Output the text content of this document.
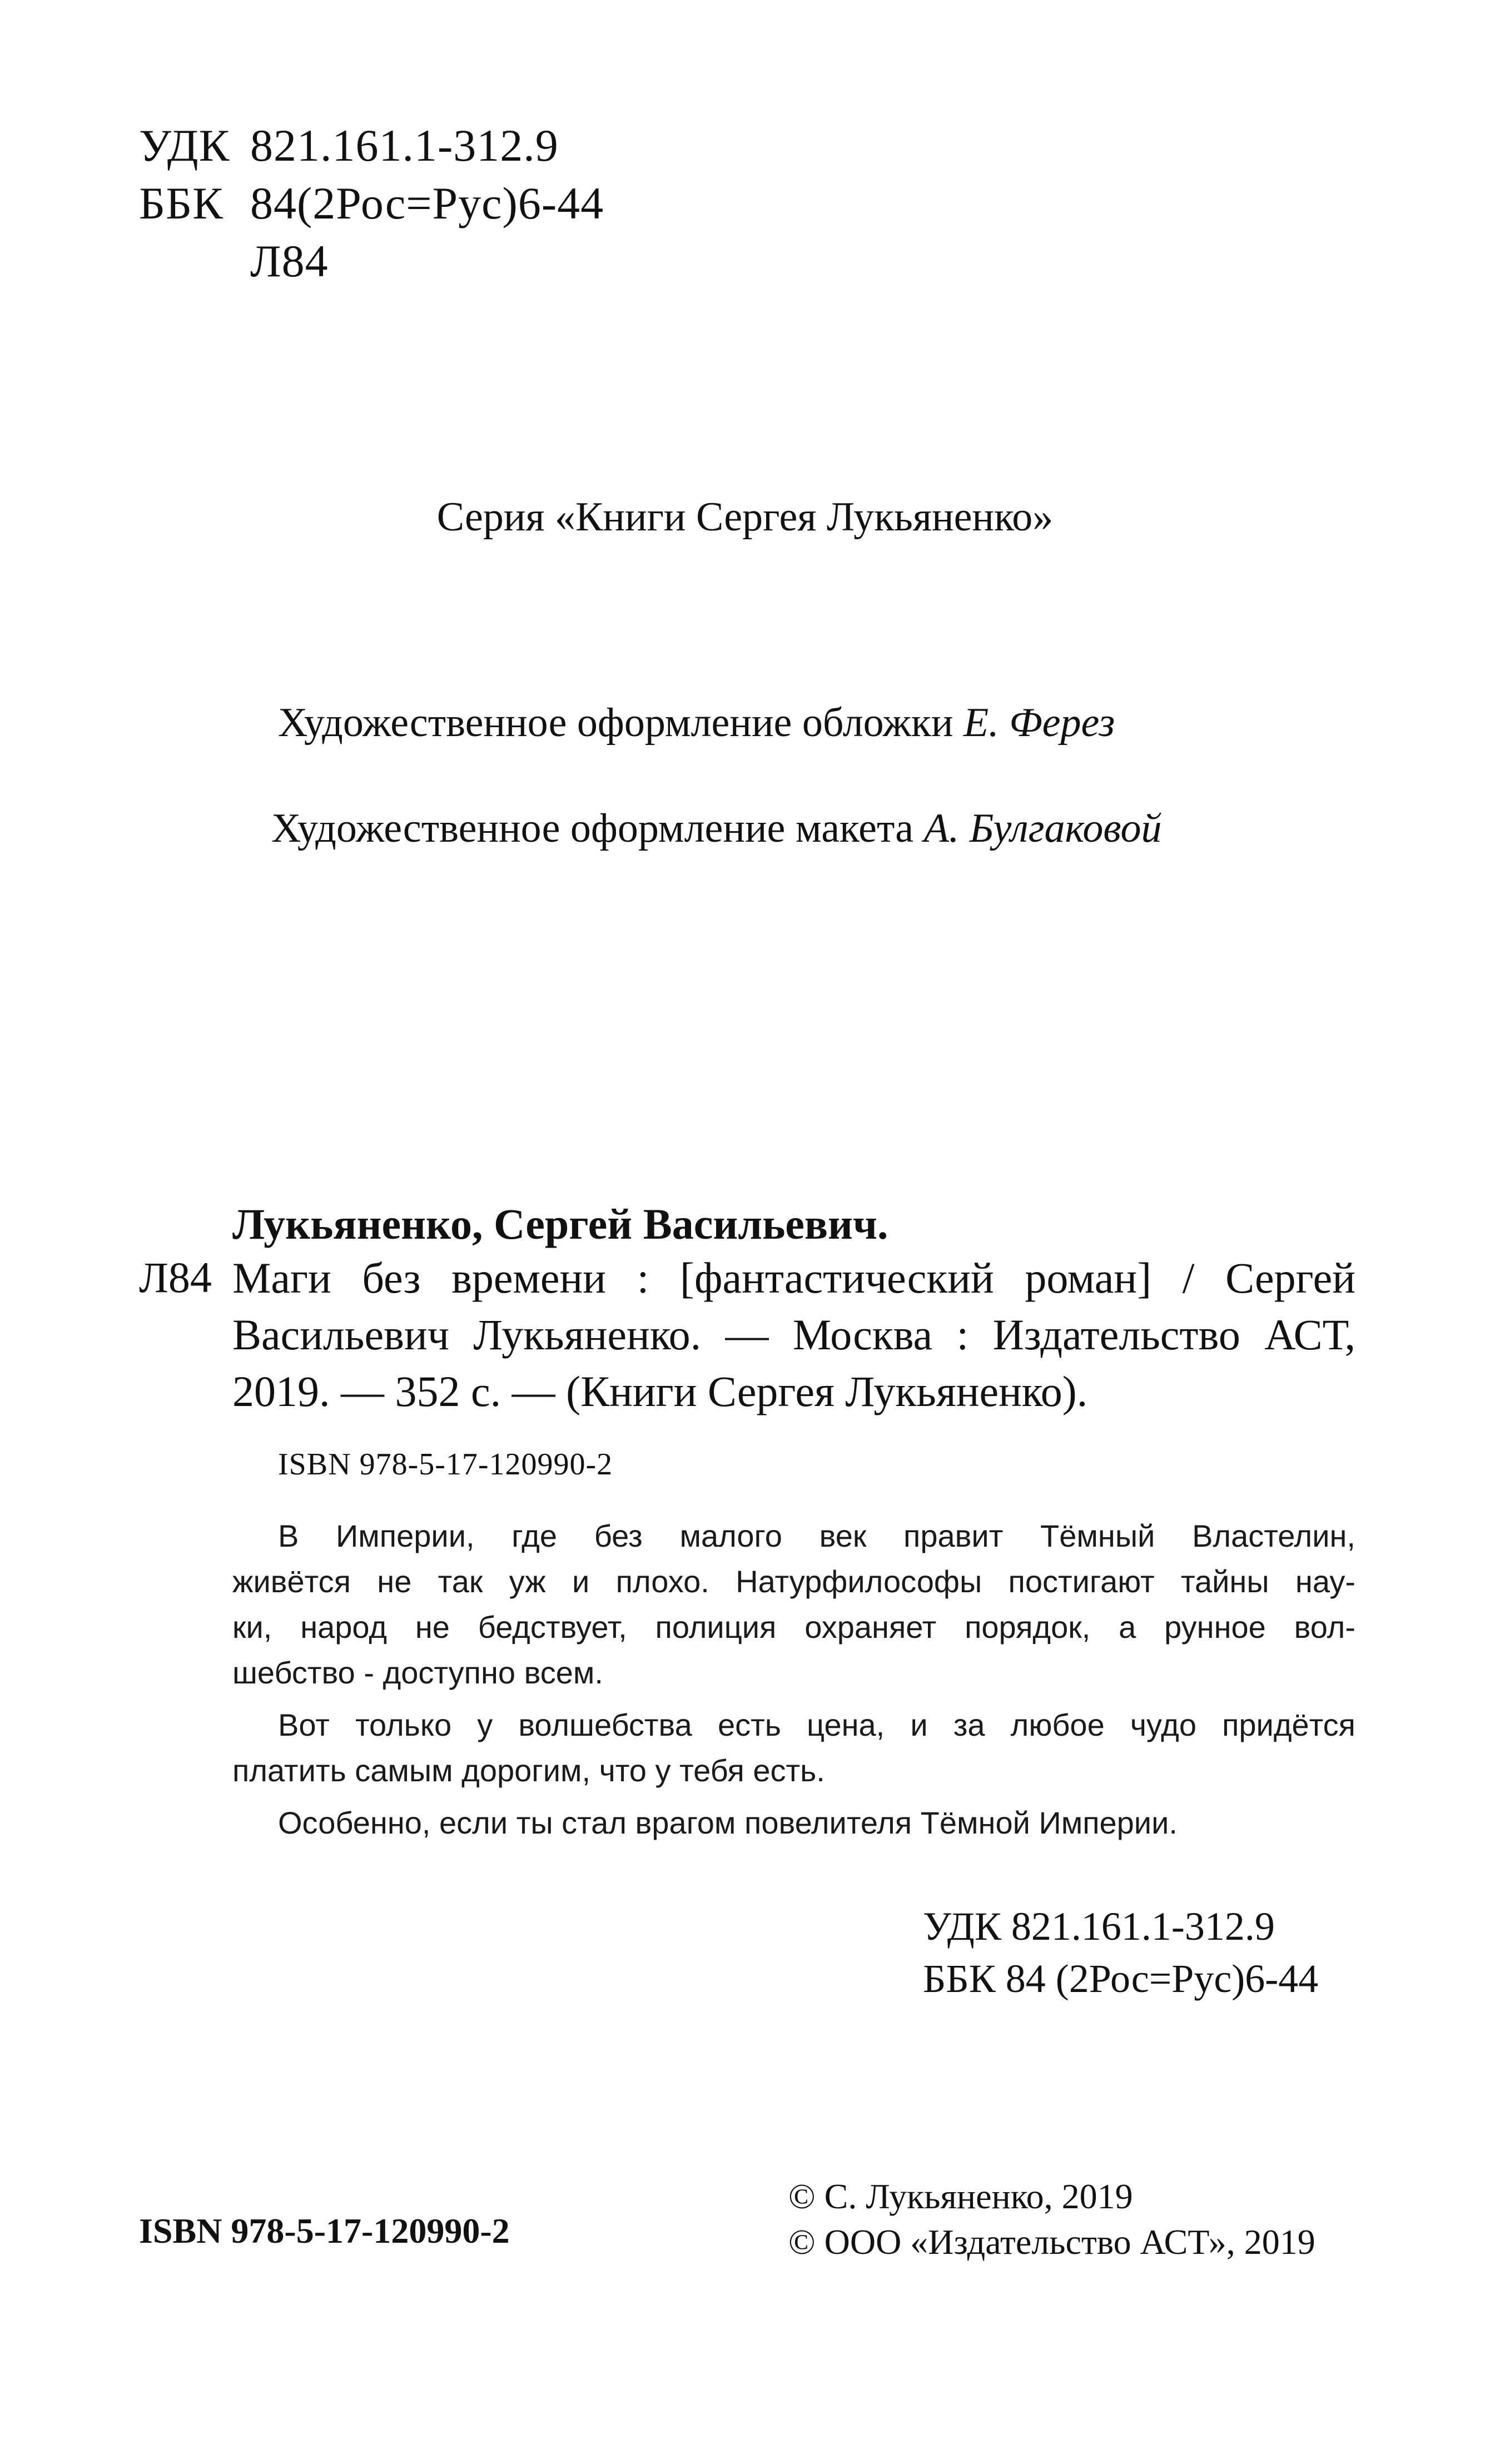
УДК 821.161.1-312.9
ББК 84(2Рос=Рус)6-44
Л84
Серия «Книги Сергея Лукьяненко»
Художественное оформление обложки Е. Ферез
Художественное оформление макета А. Булгаковой
Лукьяненко, Сергей Васильевич.
Л84 Маги без времени : [фантастический роман] / Сергей
Васильевич Лукьяненко. — Москва : Издательство АСТ,
2019. — 352 с. — (Книги Сергея Лукьяненко).
ISBN 978-5-17-120990-2
В Империи, где без малого век правит Тёмный Властелин,
живётся не так уж и плохо. Натурфилософы постигают тайны нау-
ки, народ не бедствует, полиция охраняет порядок, а рунное вол-
шебство - доступно всем.
Вот только у волшебства есть цена, и за любое чудо придётся
платить самым дорогим, что у тебя есть.
Особенно, если ты стал врагом повелителя Тёмной Империи.
УДК 821.161.1-312.9
ББК 84 (2Рос=Рус)6-44
ISBN 978-5-17-120990-2
© С. Лукьяненко, 2019
© ООО «Издательство АСТ», 2019
